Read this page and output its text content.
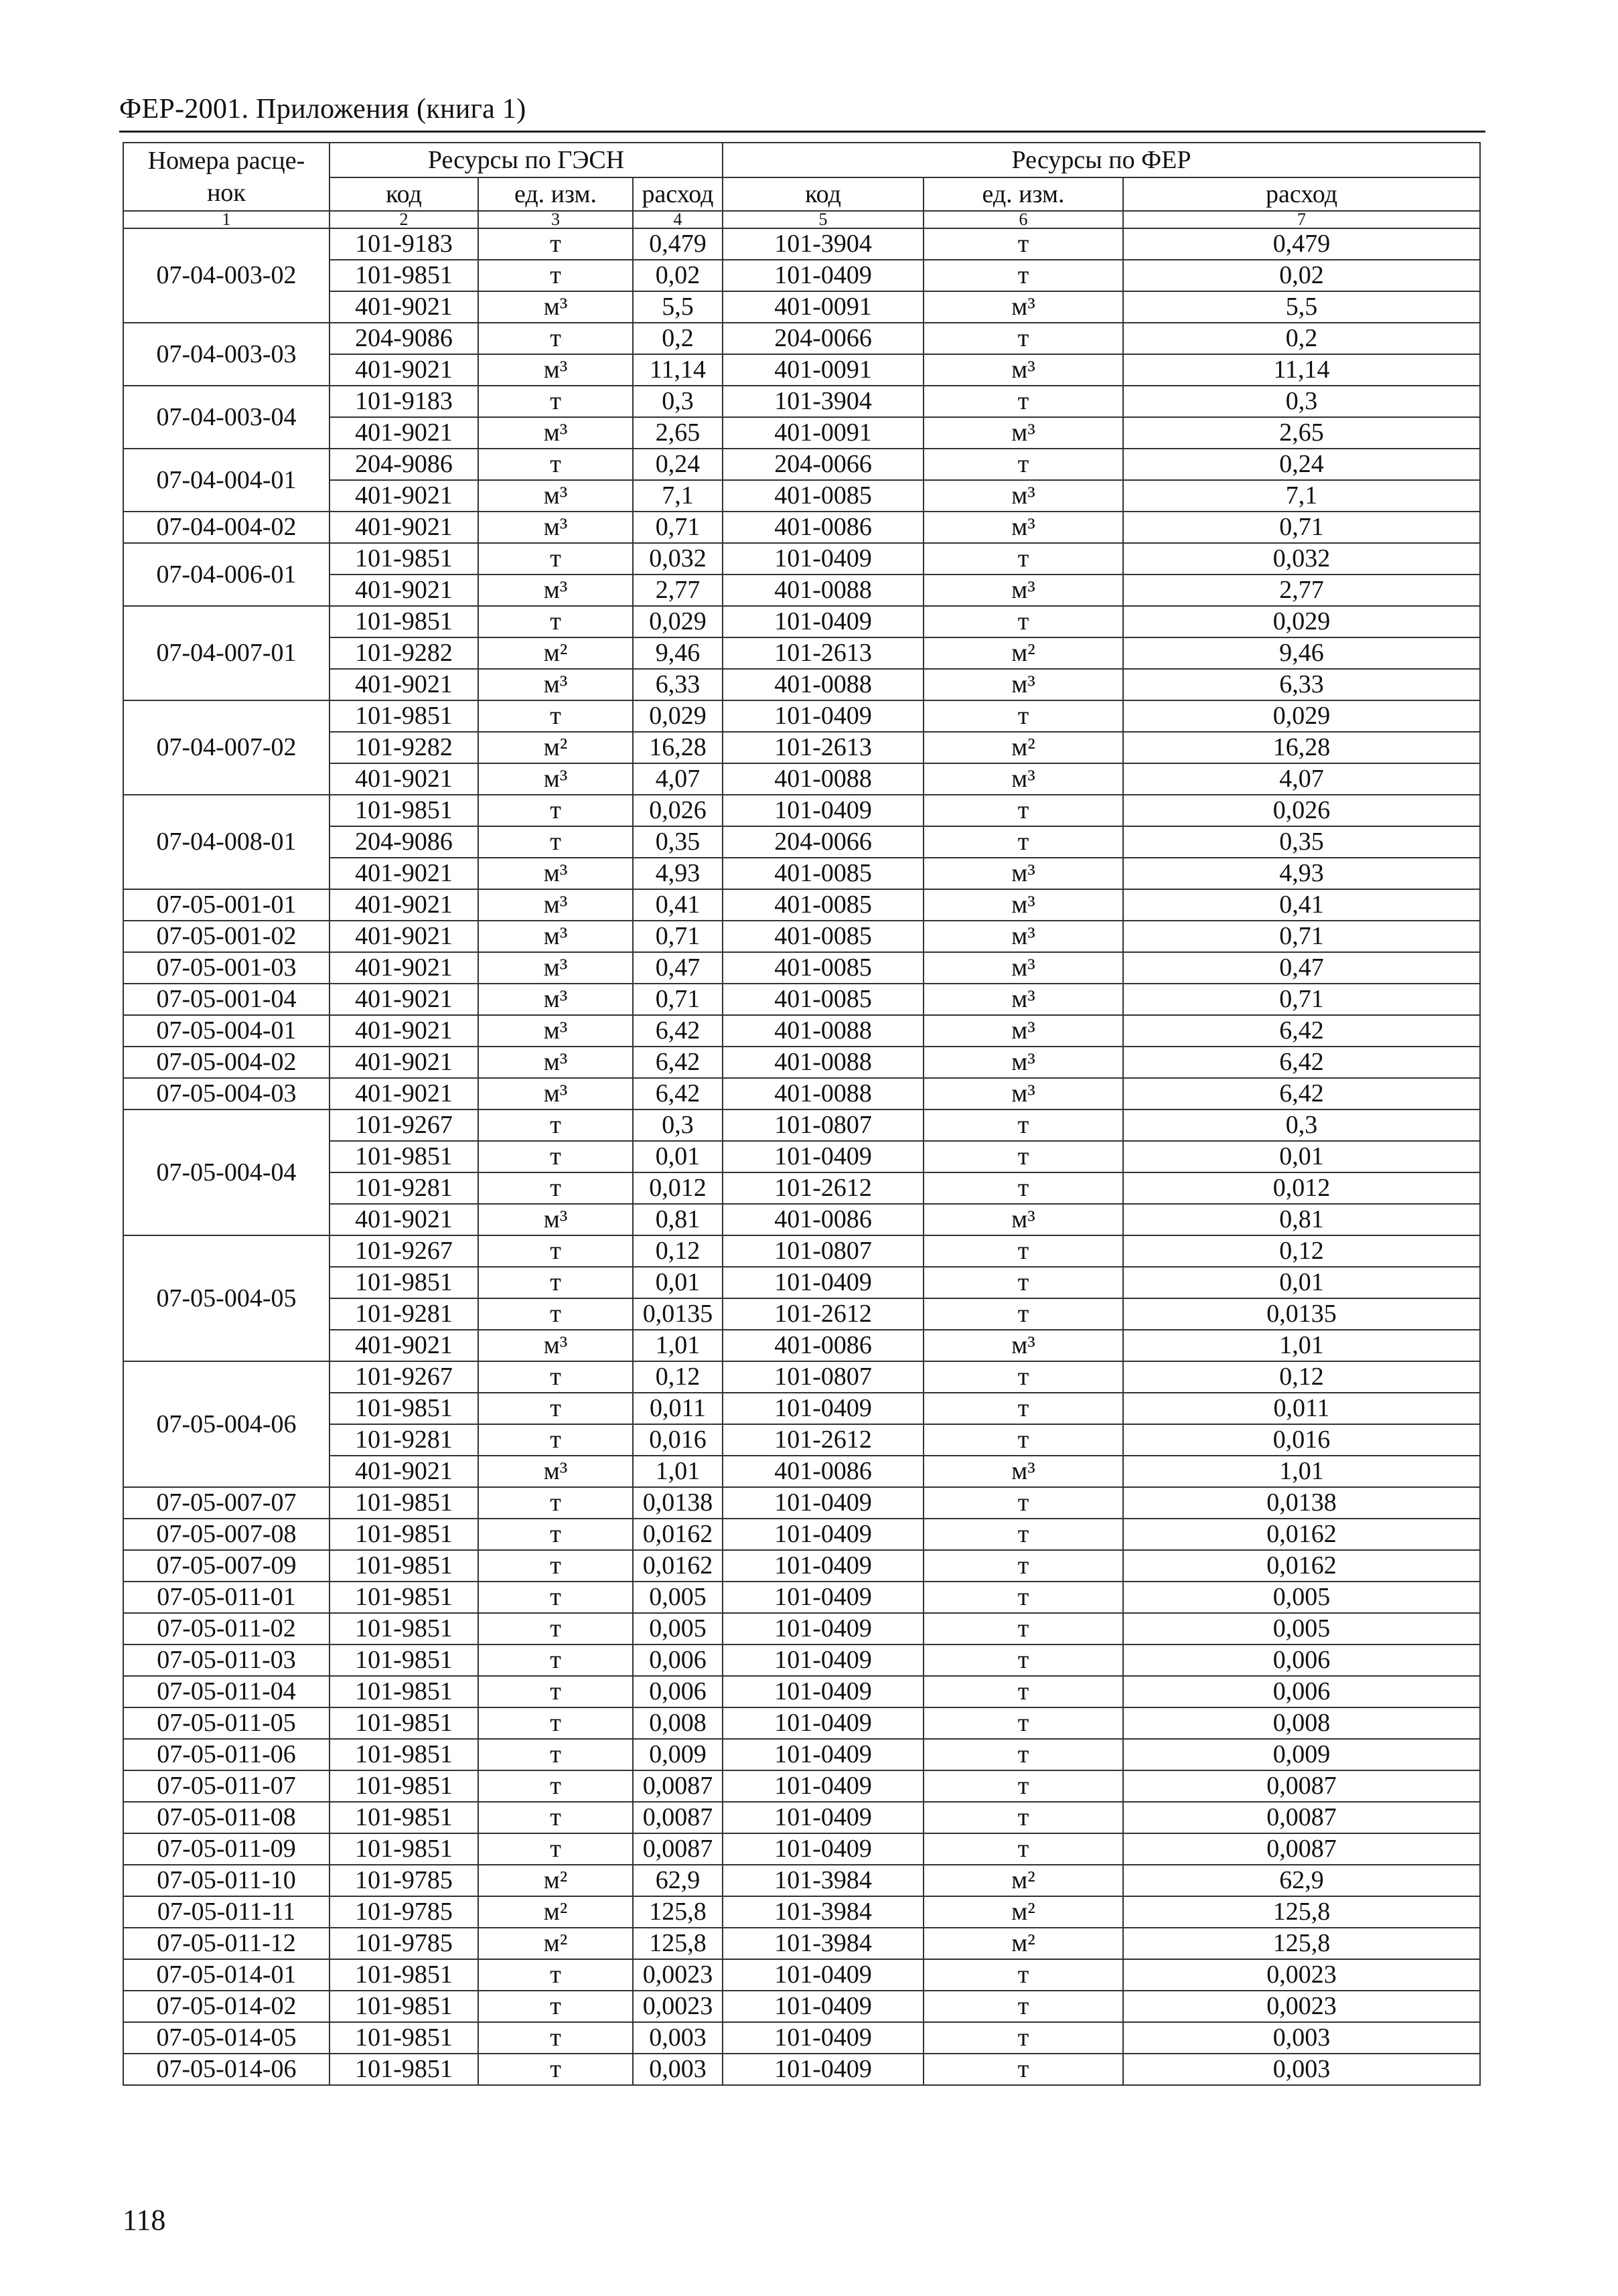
ФЕР-2001. Приложения (книга 1)
Номера расце-
нок	Ресурсы по ГЭСН			Ресурсы по ФЕР		
	код	ед. изм.	расход	код	ед. изм.	расход
1	2	3	4	5	6	7
07-04-003-02	101-9183	т	0,479	101-3904	т	0,479
	101-9851	т	0,02	101-0409	т	0,02
	401-9021	м³	5,5	401-0091	м³	5,5
07-04-003-03	204-9086	т	0,2	204-0066	т	0,2
	401-9021	м³	11,14	401-0091	м³	11,14
07-04-003-04	101-9183	т	0,3	101-3904	т	0,3
	401-9021	м³	2,65	401-0091	м³	2,65
07-04-004-01	204-9086	т	0,24	204-0066	т	0,24
	401-9021	м³	7,1	401-0085	м³	7,1
07-04-004-02	401-9021	м³	0,71	401-0086	м³	0,71
07-04-006-01	101-9851	т	0,032	101-0409	т	0,032
	401-9021	м³	2,77	401-0088	м³	2,77
07-04-007-01	101-9851	т	0,029	101-0409	т	0,029
	101-9282	м²	9,46	101-2613	м²	9,46
	401-9021	м³	6,33	401-0088	м³	6,33
07-04-007-02	101-9851	т	0,029	101-0409	т	0,029
	101-9282	м²	16,28	101-2613	м²	16,28
	401-9021	м³	4,07	401-0088	м³	4,07
07-04-008-01	101-9851	т	0,026	101-0409	т	0,026
	204-9086	т	0,35	204-0066	т	0,35
	401-9021	м³	4,93	401-0085	м³	4,93
07-05-001-01	401-9021	м³	0,41	401-0085	м³	0,41
07-05-001-02	401-9021	м³	0,71	401-0085	м³	0,71
07-05-001-03	401-9021	м³	0,47	401-0085	м³	0,47
07-05-001-04	401-9021	м³	0,71	401-0085	м³	0,71
07-05-004-01	401-9021	м³	6,42	401-0088	м³	6,42
07-05-004-02	401-9021	м³	6,42	401-0088	м³	6,42
07-05-004-03	401-9021	м³	6,42	401-0088	м³	6,42
07-05-004-04	101-9267	т	0,3	101-0807	т	0,3
	101-9851	т	0,01	101-0409	т	0,01
	101-9281	т	0,012	101-2612	т	0,012
	401-9021	м³	0,81	401-0086	м³	0,81
07-05-004-05	101-9267	т	0,12	101-0807	т	0,12
	101-9851	т	0,01	101-0409	т	0,01
	101-9281	т	0,0135	101-2612	т	0,0135
	401-9021	м³	1,01	401-0086	м³	1,01
07-05-004-06	101-9267	т	0,12	101-0807	т	0,12
	101-9851	т	0,011	101-0409	т	0,011
	101-9281	т	0,016	101-2612	т	0,016
	401-9021	м³	1,01	401-0086	м³	1,01
07-05-007-07	101-9851	т	0,0138	101-0409	т	0,0138
07-05-007-08	101-9851	т	0,0162	101-0409	т	0,0162
07-05-007-09	101-9851	т	0,0162	101-0409	т	0,0162
07-05-011-01	101-9851	т	0,005	101-0409	т	0,005
07-05-011-02	101-9851	т	0,005	101-0409	т	0,005
07-05-011-03	101-9851	т	0,006	101-0409	т	0,006
07-05-011-04	101-9851	т	0,006	101-0409	т	0,006
07-05-011-05	101-9851	т	0,008	101-0409	т	0,008
07-05-011-06	101-9851	т	0,009	101-0409	т	0,009
07-05-011-07	101-9851	т	0,0087	101-0409	т	0,0087
07-05-011-08	101-9851	т	0,0087	101-0409	т	0,0087
07-05-011-09	101-9851	т	0,0087	101-0409	т	0,0087
07-05-011-10	101-9785	м²	62,9	101-3984	м²	62,9
07-05-011-11	101-9785	м²	125,8	101-3984	м²	125,8
07-05-011-12	101-9785	м²	125,8	101-3984	м²	125,8
07-05-014-01	101-9851	т	0,0023	101-0409	т	0,0023
07-05-014-02	101-9851	т	0,0023	101-0409	т	0,0023
07-05-014-05	101-9851	т	0,003	101-0409	т	0,003
07-05-014-06	101-9851	т	0,003	101-0409	т	0,003
118
